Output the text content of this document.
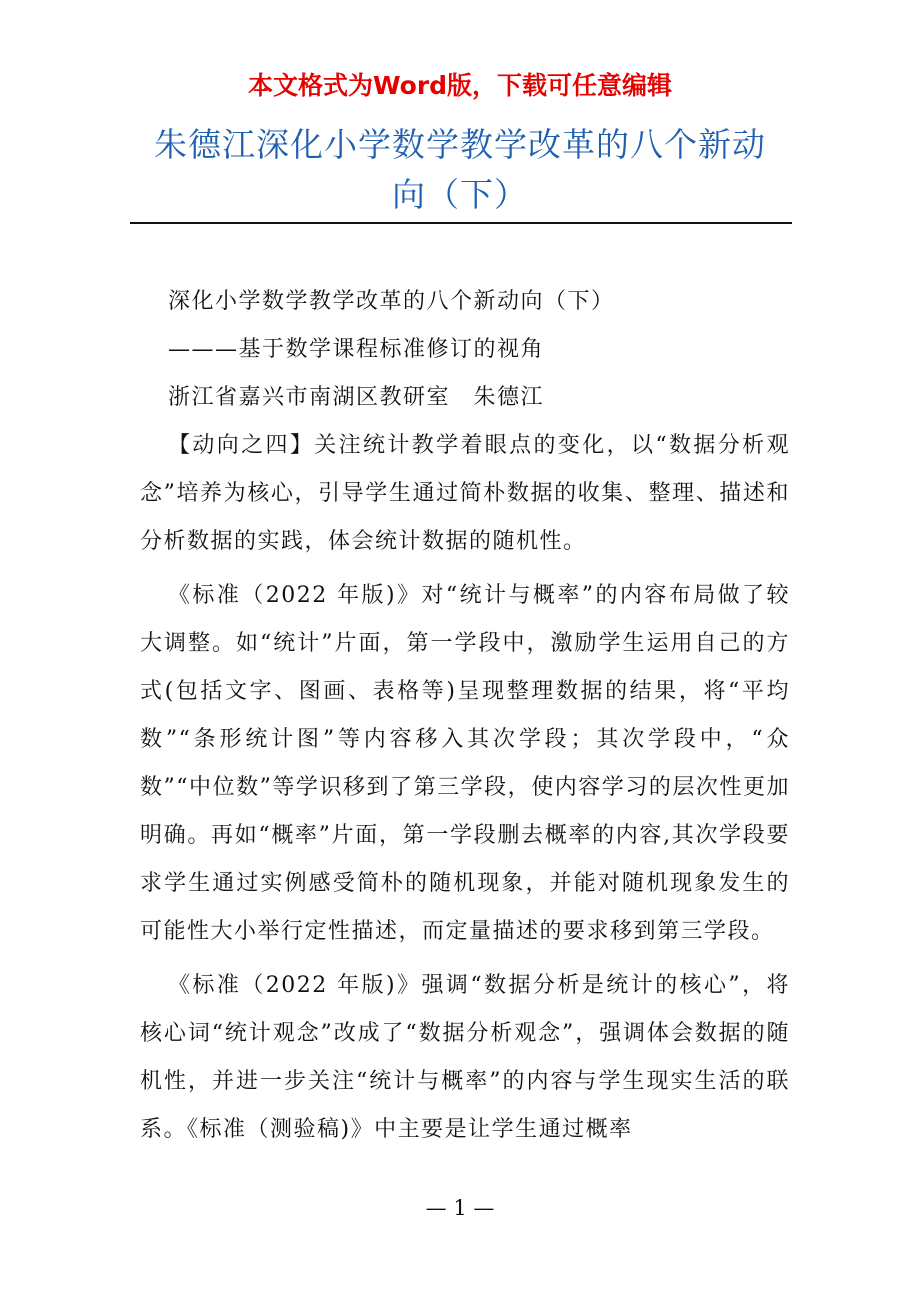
本文格式为Word版，下载可任意编辑
朱德江深化小学数学教学改革的八个新动
向（下）

深化小学数学教学改革的八个新动向（下）

———基于数学课程标准修订的视角

浙江省嘉兴市南湖区教研室　朱德江

【动向之四】关注统计教学着眼点的变化，以“数据分析观念”培养为核心，引导学生通过简朴数据的收集、整理、描述和分析数据的实践，体会统计数据的随机性。

《标准（2022 年版)》对“统计与概率”的内容布局做了较大调整。如“统计”片面，第一学段中，激励学生运用自己的方式(包括文字、图画、表格等)呈现整理数据的结果，将“平均数”“条形统计图”等内容移入其次学段；其次学段中，“众数”“中位数”等学识移到了第三学段，使内容学习的层次性更加明确。再如“概率”片面，第一学段删去概率的内容,其次学段要求学生通过实例感受简朴的随机现象，并能对随机现象发生的可能性大小举行定性描述，而定量描述的要求移到第三学段。

《标准（2022 年版)》强调“数据分析是统计的核心”，将核心词“统计观念”改成了“数据分析观念”，强调体会数据的随机性，并进一步关注“统计与概率”的内容与学生现实生活的联系。《标准（测验稿)》中主要是让学生通过概率

— 1 —
